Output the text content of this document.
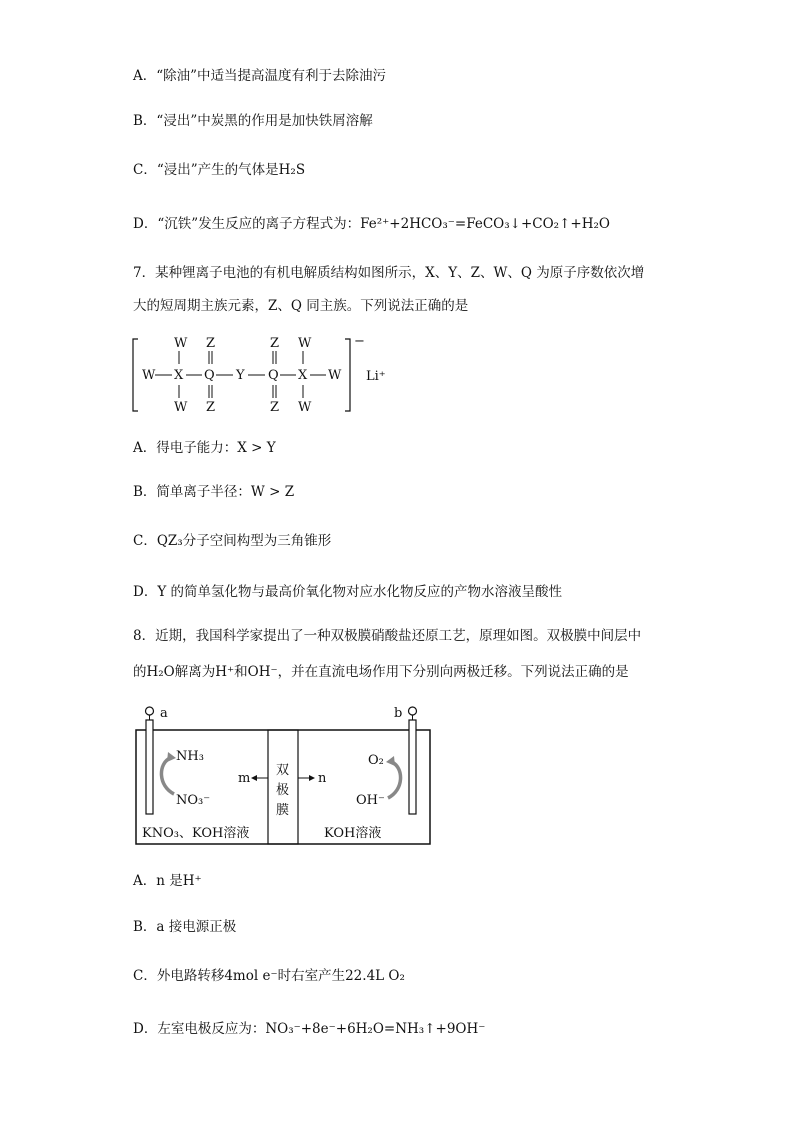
A．“除油”中适当提高温度有利于去除油污
B．“浸出”中炭黑的作用是加快铁屑溶解
C．“浸出”产生的气体是H₂S
D．“沉铁”发生反应的离子方程式为：Fe²⁺+2HCO₃⁻=FeCO₃↓+CO₂↑+H₂O
7．某种锂离子电池的有机电解质结构如图所示，X、Y、Z、W、Q 为原子序数依次增
大的短周期主族元素，Z、Q 同主族。下列说法正确的是
−
Li⁺
W X Q Y Q X W
W
W
Z
Z
Z
Z
W
W
A．得电子能力：X > Y
B．简单离子半径：W > Z
C．QZ₃分子空间构型为三角锥形
D．Y 的简单氢化物与最高价氧化物对应水化物反应的产物水溶液呈酸性
8．近期，我国科学家提出了一种双极膜硝酸盐还原工艺，原理如图。双极膜中间层中
的H₂O解离为H⁺和OH⁻，并在直流电场作用下分别向两极迁移。下列说法正确的是
双
极
膜
a	b
NH₃
NO₃⁻
O₂
OH⁻
m	n
KNO₃、KOH溶液	KOH溶液
A．n 是H⁺
B．a 接电源正极
C．外电路转移4mol e⁻时右室产生22.4L O₂
D．左室电极反应为：NO₃⁻+8e⁻+6H₂O=NH₃↑+9OH⁻
